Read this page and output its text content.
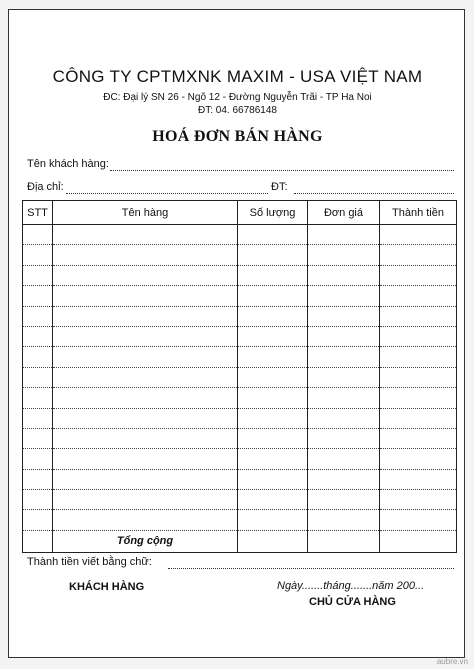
CÔNG TY CPTMXNK MAXIM - USA VIỆT NAM
ĐC: Đại lý SN 26 - Ngõ 12 - Đường Nguyễn Trãi - TP Ha Noi
ĐT: 04. 66786148
HOÁ ĐƠN BÁN HÀNG
Tên khách hàng:
Địa chỉ:	ĐT:
STT	Tên hàng	Số lượng	Đơn giá	Thành tiền

	Tổng cộng			
Thành tiền viết bằng chữ:
Ngày.......tháng.......năm 200...
KHÁCH HÀNG
CHỦ CỬA HÀNG
aubre.vn
